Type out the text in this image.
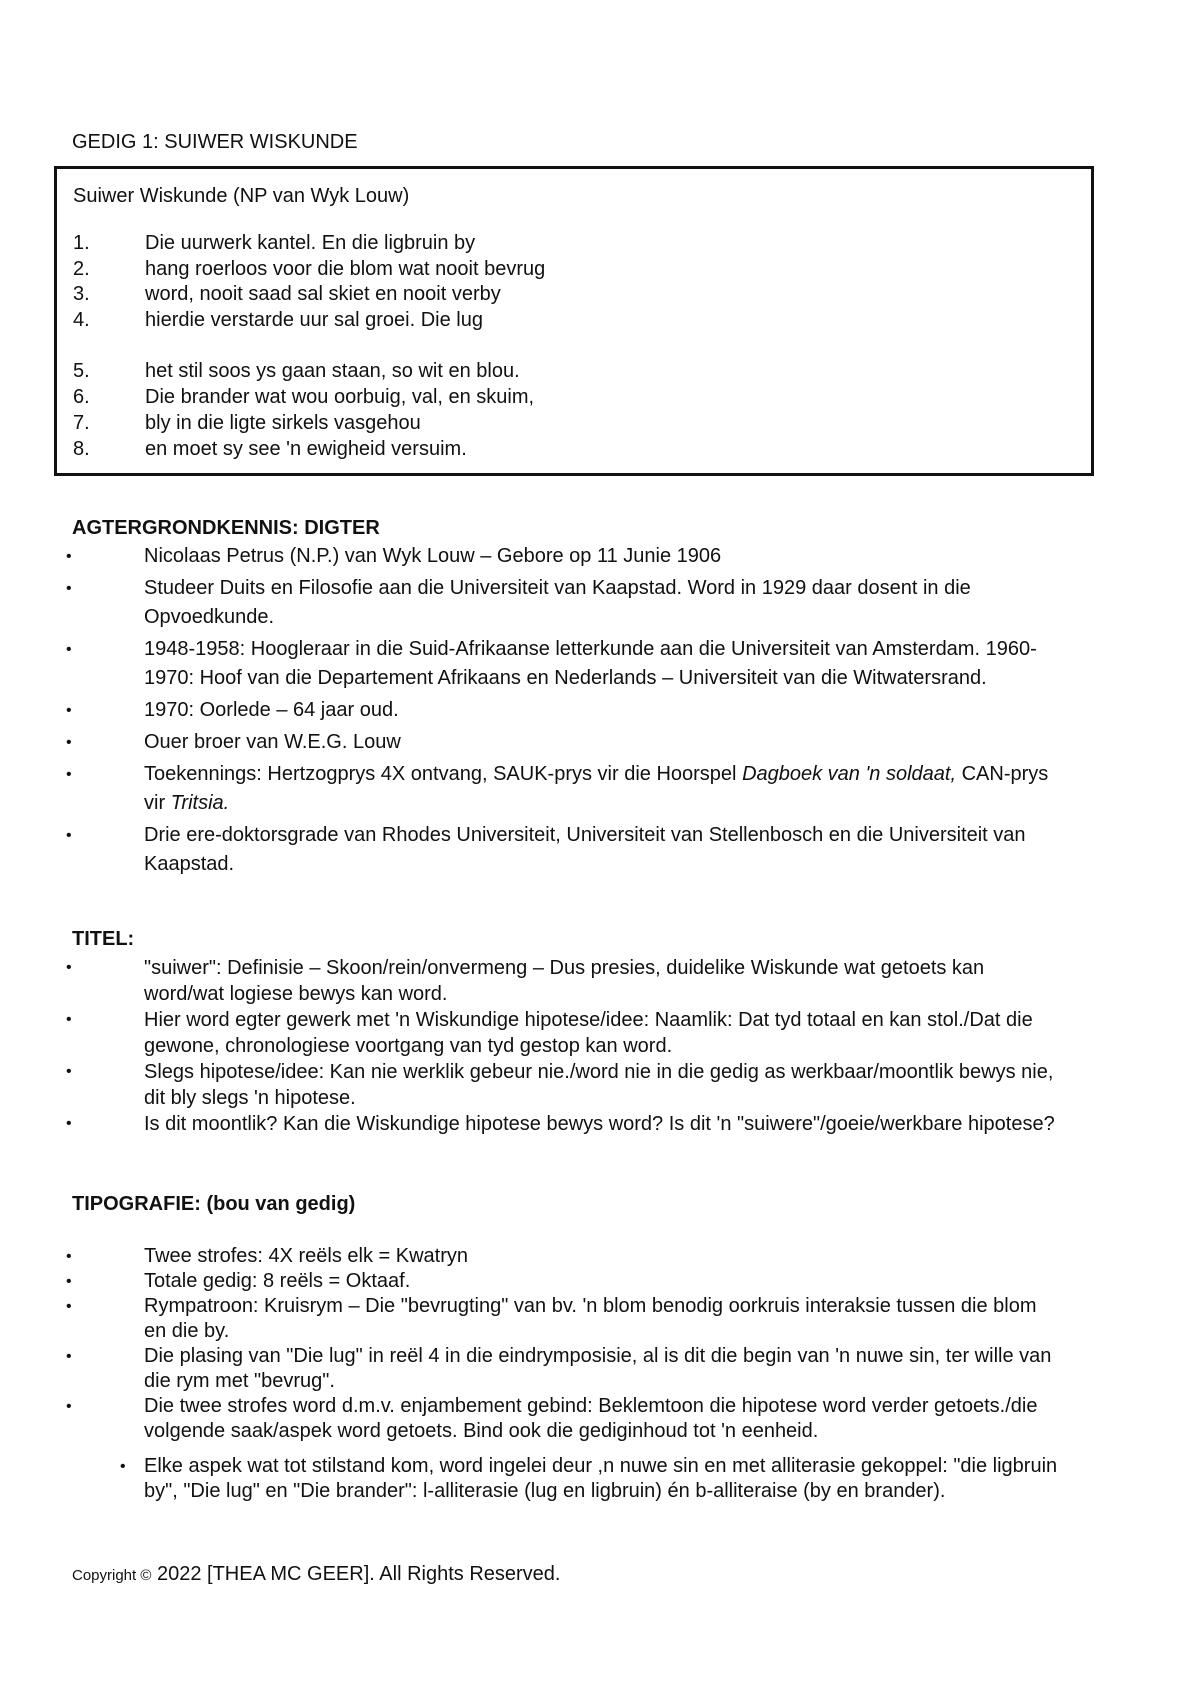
GEDIG 1: SUIWER WISKUNDE
Suiwer Wiskunde (NP van Wyk Louw)
1.	Die uurwerk kantel. En die ligbruin by
2.	hang roerloos voor die blom wat nooit bevrug
3.	word, nooit saad sal skiet en nooit verby
4.	hierdie verstarde uur sal groei. Die lug
5.	het stil soos ys gaan staan, so wit en blou.
6.	Die brander wat wou oorbuig, val, en skuim,
7.	bly in die ligte sirkels vasgehou
8.	en moet sy see 'n ewigheid versuim.
AGTERGRONDKENNIS: DIGTER
•	Nicolaas Petrus (N.P.) van Wyk Louw – Gebore op 11 Junie 1906
•	Studeer Duits en Filosofie aan die Universiteit van Kaapstad. Word in 1929 daar dosent in die Opvoedkunde.
•	1948-1958: Hoogleraar in die Suid-Afrikaanse letterkunde aan die Universiteit van Amsterdam. 1960-1970: Hoof van die Departement Afrikaans en Nederlands – Universiteit van die Witwatersrand.
•	1970: Oorlede – 64 jaar oud.
•	Ouer broer van W.E.G. Louw
•	Toekennings: Hertzogprys 4X ontvang, SAUK-prys vir die Hoorspel Dagboek van 'n soldaat, CAN-prys vir Tritsia.
•	Drie ere-doktorsgrade van Rhodes Universiteit, Universiteit van Stellenbosch en die Universiteit van Kaapstad.
TITEL:
•	"suiwer": Definisie – Skoon/rein/onvermeng – Dus presies, duidelike Wiskunde wat getoets kan word/wat logiese bewys kan word.
•	Hier word egter gewerk met 'n Wiskundige hipotese/idee: Naamlik: Dat tyd totaal en kan stol./Dat die gewone, chronologiese voortgang van tyd gestop kan word.
•	Slegs hipotese/idee: Kan nie werklik gebeur nie./word nie in die gedig as werkbaar/moontlik bewys nie, dit bly slegs 'n hipotese.
•	Is dit moontlik? Kan die Wiskundige hipotese bewys word? Is dit 'n "suiwere"/goeie/werkbare hipotese?
TIPOGRAFIE: (bou van gedig)
•	Twee strofes: 4X reëls elk = Kwatryn
•	Totale gedig: 8 reëls = Oktaaf.
•	Rympatroon: Kruisrym – Die "bevrugting" van bv. 'n blom benodig oorkruis interaksie tussen die blom en die by.
•	Die plasing van "Die lug" in reël 4 in die eindrymposisie, al is dit die begin van 'n nuwe sin, ter wille van die rym met "bevrug".
•	Die twee strofes word d.m.v. enjambement gebind: Beklemtoon die hipotese word verder getoets./die volgende saak/aspek word getoets. Bind ook die gediginhoud tot 'n eenheid.
• Elke aspek wat tot stilstand kom, word ingelei deur ,n nuwe sin en met alliterasie gekoppel: "die ligbruin by", "Die lug" en "Die brander": l-alliterasie (lug en ligbruin) én b-alliteraise (by en brander).
Copyright © 2022 [THEA MC GEER]. All Rights Reserved.
